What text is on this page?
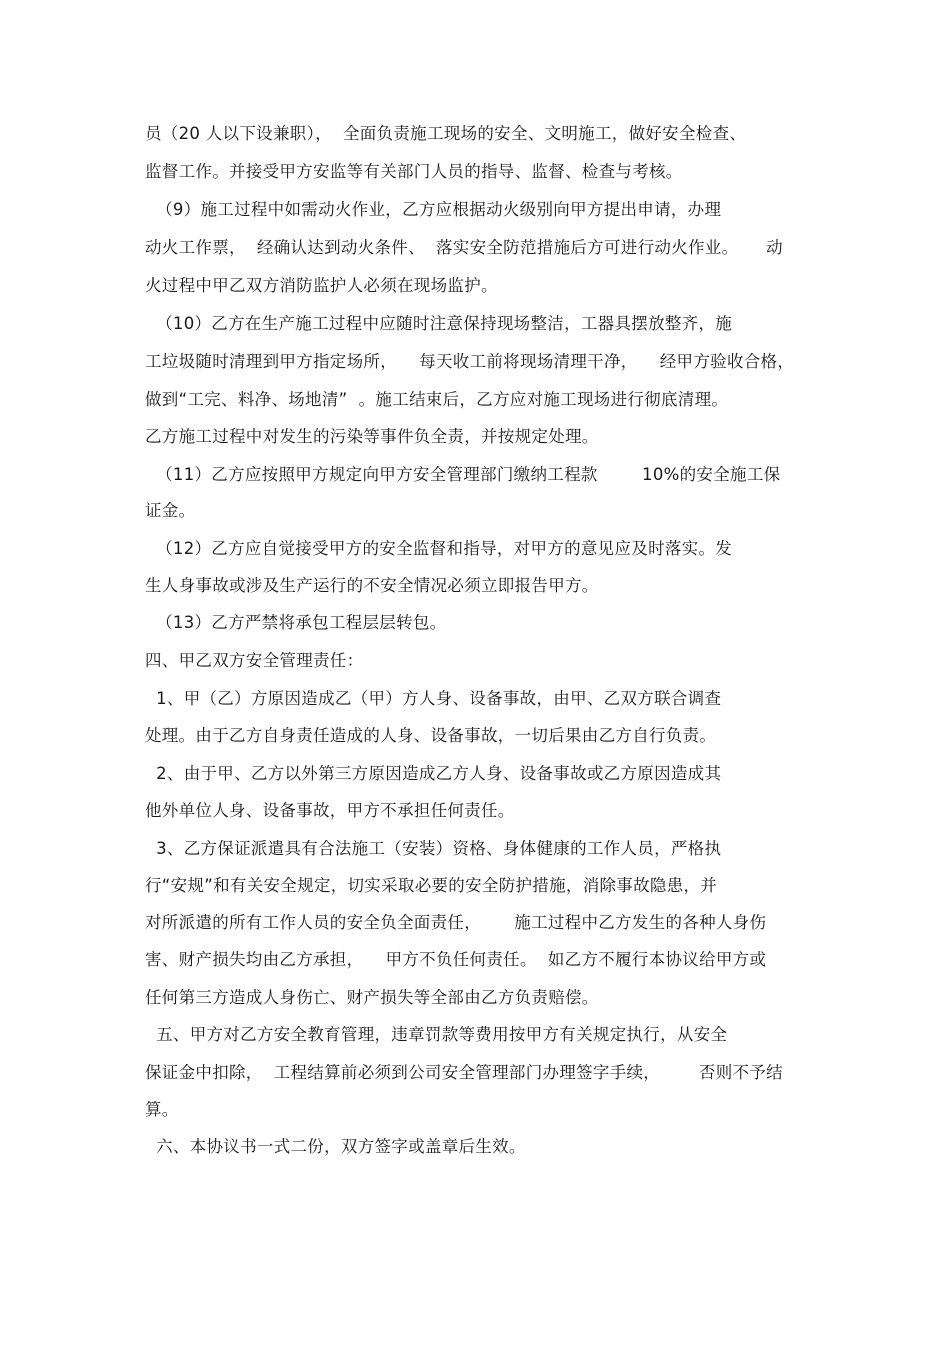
员（20 人以下设兼职），  全面负责施工现场的安全、文明施工，做好安全检查、
监督工作。并接受甲方安监等有关部门人员的指导、监督、检查与考核。
（9）施工过程中如需动火作业，乙方应根据动火级别向甲方提出申请，办理
动火工作票，  经确认达到动火条件、  落实安全防范措施后方可进行动火作业。     动
火过程中甲乙双方消防监护人必须在现场监护。
（10）乙方在生产施工过程中应随时注意保持现场整洁，工器具摆放整齐，施
工垃圾随时清理到甲方指定场所，    每天收工前将现场清理干净，    经甲方验收合格，
做到“工完、料净、场地清”  。施工结束后，乙方应对施工现场进行彻底清理。
乙方施工过程中对发生的污染等事件负全责，并按规定处理。
（11）乙方应按照甲方规定向甲方安全管理部门缴纳工程款        10%的安全施工保
证金。
（12）乙方应自觉接受甲方的安全监督和指导，对甲方的意见应及时落实。发
生人身事故或涉及生产运行的不安全情况必须立即报告甲方。
（13）乙方严禁将承包工程层层转包。
四、甲乙双方安全管理责任：
1、甲（乙）方原因造成乙（甲）方人身、设备事故，由甲、乙双方联合调查
处理。由于乙方自身责任造成的人身、设备事故，一切后果由乙方自行负责。
2、由于甲、乙方以外第三方原因造成乙方人身、设备事故或乙方原因造成其
他外单位人身、设备事故，甲方不承担任何责任。
3、乙方保证派遣具有合法施工（安装）资格、身体健康的工作人员，严格执
行“安规”和有关安全规定，切实采取必要的安全防护措施，消除事故隐患，并
对所派遣的所有工作人员的安全负全面责任，      施工过程中乙方发生的各种人身伤
害、财产损失均由乙方承担，    甲方不负任何责任。  如乙方不履行本协议给甲方或
任何第三方造成人身伤亡、财产损失等全部由乙方负责赔偿。
五、甲方对乙方安全教育管理，违章罚款等费用按甲方有关规定执行，从安全
保证金中扣除，  工程结算前必须到公司安全管理部门办理签字手续，       否则不予结
算。
六、本协议书一式二份，双方签字或盖章后生效。
